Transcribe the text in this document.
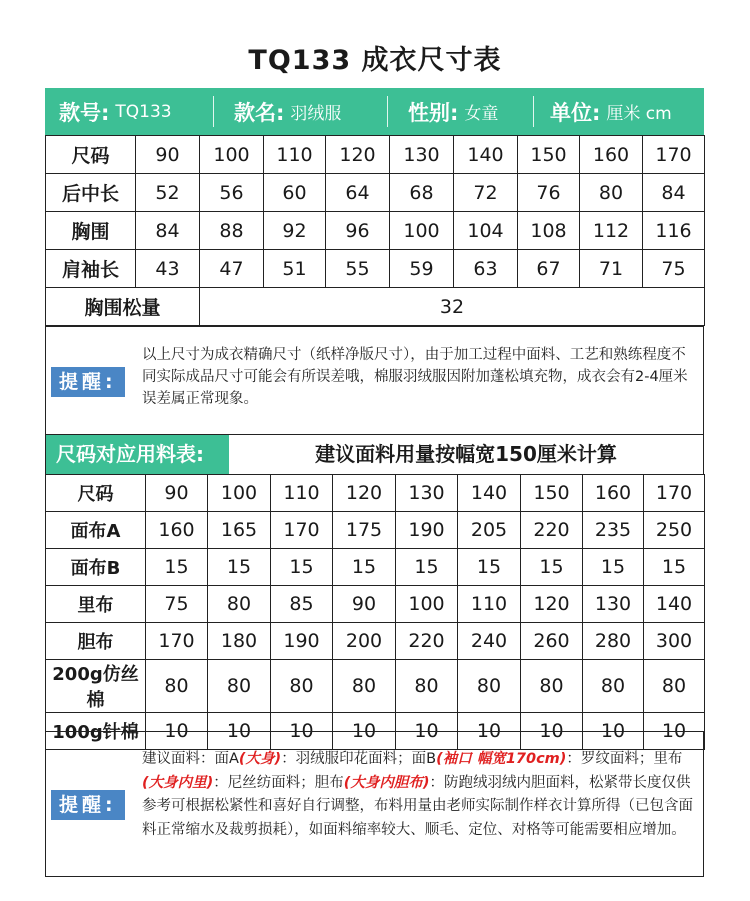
TQ133 成衣尺寸表
款号: TQ133	款名: 羽绒服	性别: 女童 单位: 厘米 cm
尺码	90	100	110	120	130	140	150	160	170
后中长	52	56	60	64	68	72	76	80	84
胸围	84	88	92	96	100	104	108	112	116
肩袖长	43	47	51	55	59	63	67	71	75
胸围松量		32							
提醒:
以上尺寸为成衣精确尺寸（纸样净版尺寸），由于加工过程中面料、工艺和熟练程度不同实际成品尺寸可能会有所误差哦，棉服羽绒服因附加蓬松填充物，成衣会有2-4厘米误差属正常现象。
尺码对应用料表:	建议面料用量按幅宽150厘米计算
尺码	90	100	110	120	130	140	150	160	170
面布A	160	165	170	175	190	205	220	235	250
面布B	15	15	15	15	15	15	15	15	15
里布	75	80	85	90	100	110	120	130	140
胆布	170	180	190	200	220	240	260	280	300
200g仿丝棉	80	80	80	80	80	80	80	80	80
100g针棉	10	10	10	10	10	10	10	10	10
提醒:
建议面料：面A(大身)：羽绒服印花面料；面B(袖口 幅宽170cm)：罗纹面料；里布(大身内里)：尼丝纺面料；胆布(大身内胆布)：防跑绒羽绒内胆面料，松紧带长度仅供参考可根据松紧性和喜好自行调整，布料用量由老师实际制作样衣计算所得（已包含面料正常缩水及裁剪损耗），如面料缩率较大、顺毛、定位、对格等可能需要相应增加。
